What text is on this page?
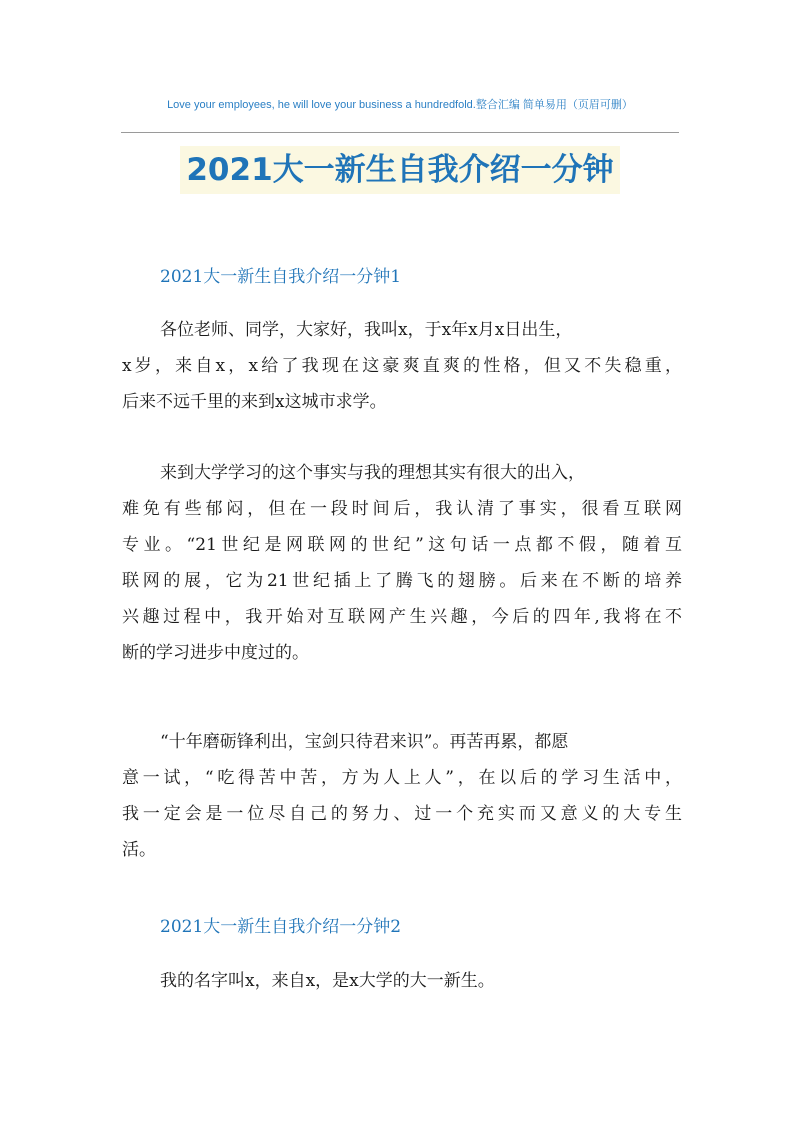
Love your employees, he will love your business a hundredfold.整合汇编 简单易用（页眉可删）
2021大一新生自我介绍一分钟
2021大一新生自我介绍一分钟1
各位老师、同学，大家好，我叫x，于x年x月x日出生，
x岁，来自x，x给了我现在这豪爽直爽的性格，但又不失稳重，
后来不远千里的来到x这城市求学。
来到大学学习的这个事实与我的理想其实有很大的出入，
难免有些郁闷，但在一段时间后，我认清了事实，很看互联网
专业。“21世纪是网联网的世纪”这句话一点都不假，随着互
联网的展，它为21世纪插上了腾飞的翅膀。后来在不断的培养
兴趣过程中，我开始对互联网产生兴趣，今后的四年,我将在不
断的学习进步中度过的。
“十年磨砺锋利出，宝剑只待君来识”。再苦再累，都愿
意一试，“吃得苦中苦，方为人上人”，在以后的学习生活中，
我一定会是一位尽自己的努力、过一个充实而又意义的大专生
活。
2021大一新生自我介绍一分钟2
我的名字叫x，来自x，是x大学的大一新生。
